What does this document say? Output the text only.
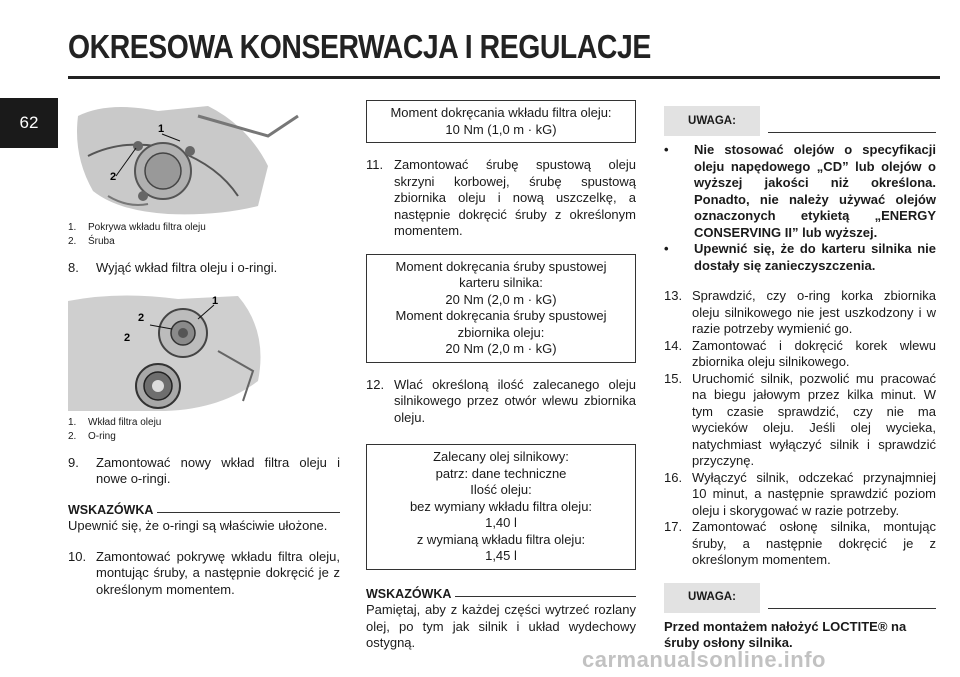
OKRESOWA KONSERWACJA I REGULACJE
62	1
2
1.	Pokrywa wkładu filtra oleju
2.	Śruba
8.	Wyjąć wkład filtra oleju i o-ringi.
1
2
2
1.	Wkład filtra oleju
2.	O-ring
9.	Zamontować nowy wkład filtra oleju i nowe o-ringi.
WSKAZÓWKA
Upewnić się, że o-ringi są właściwie ułożone.
10. Zamontować pokrywę wkładu filtra oleju, montując śruby, a następnie dokręcić je z określonym momentem.
Moment dokręcania wkładu filtra oleju:
10 Nm (1,0 m · kG)
11. Zamontować śrubę spustową oleju skrzyni korbowej, śrubę spustową zbiornika oleju i nową uszczelkę, a następnie dokręcić śruby z określonym momentem.
Moment dokręcania śruby spustowej
karteru silnika:
20 Nm (2,0 m · kG)
Moment dokręcania śruby spustowej
zbiornika oleju:
20 Nm (2,0 m · kG)
12. Wlać określoną ilość zalecanego oleju silnikowego przez otwór wlewu zbiornika oleju.
Zalecany olej silnikowy:
patrz: dane techniczne
Ilość oleju:
bez wymiany wkładu filtra oleju:
1,40 l
z wymianą wkładu filtra oleju:
1,45 l
WSKAZÓWKA
Pamiętaj, aby z każdej części wytrzeć rozlany olej, po tym jak silnik i układ wydechowy ostygną.
UWAGA:
•	Nie stosować olejów o specyfikacji oleju napędowego „CD” lub olejów o wyższej jakości niż określona. Ponadto, nie należy używać olejów oznaczonych etykietą „ENERGY CONSERVING II” lub wyższej.
•	Upewnić się, że do karteru silnika nie dostały się zanieczyszczenia.
13. Sprawdzić, czy o-ring korka zbiornika oleju silnikowego nie jest uszkodzony i w razie potrzeby wymienić go.
14. Zamontować i dokręcić korek wlewu zbiornika oleju silnikowego.
15. Uruchomić silnik, pozwolić mu pracować na biegu jałowym przez kilka minut. W tym czasie sprawdzić, czy nie ma wycieków oleju. Jeśli olej wycieka, natychmiast wyłączyć silnik i sprawdzić przyczynę.
16. Wyłączyć silnik, odczekać przynajmniej 10 minut, a następnie sprawdzić poziom oleju i skorygować w razie potrzeby.
17. Zamontować osłonę silnika, montując śruby, a następnie dokręcić je z określonym momentem.
UWAGA:
Przed montażem nałożyć LOCTITE® na śruby osłony silnika.
carmanualsonline.info
